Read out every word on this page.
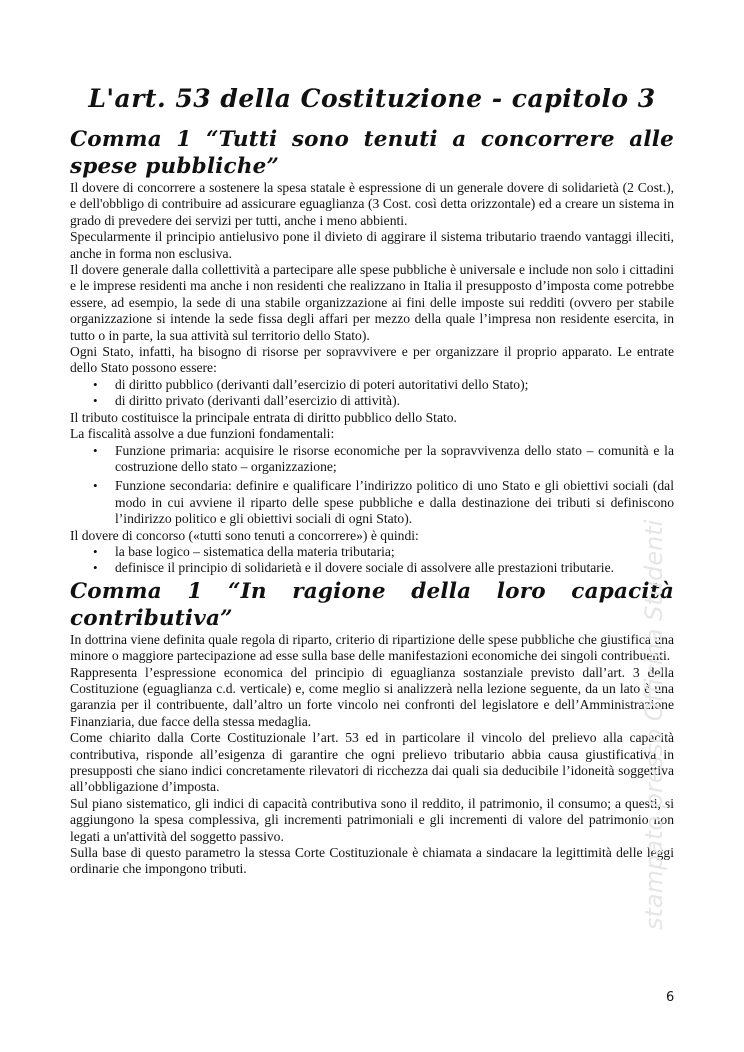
L'art. 53 della Costituzione - capitolo 3
Comma 1 “Tutti sono tenuti a concorrere alle spese pubbliche”

Il dovere di concorrere a sostenere la spesa statale è espressione di un generale dovere di solidarietà (2 Cost.), e dell'obbligo di contribuire ad assicurare eguaglianza (3 Cost. così detta orizzontale) ed a creare un sistema in grado di prevedere dei servizi per tutti, anche i meno abbienti.

Specularmente il principio antielusivo pone il divieto di aggirare il sistema tributario traendo vantaggi illeciti, anche in forma non esclusiva.

Il dovere generale dalla collettività a partecipare alle spese pubbliche è universale e include non solo i cittadini e le imprese residenti ma anche i non residenti che realizzano in Italia il presupposto d’imposta come potrebbe essere, ad esempio, la sede di una stabile organizzazione ai fini delle imposte sui redditi (ovvero per stabile organizzazione si intende la sede fissa degli affari per mezzo della quale l’impresa non residente esercita, in tutto o in parte, la sua attività sul territorio dello Stato).

Ogni Stato, infatti, ha bisogno di risorse per sopravvivere e per organizzare il proprio apparato. Le entrate dello Stato possono essere:

• di diritto pubblico (derivanti dall’esercizio di poteri autoritativi dello Stato);
• di diritto privato (derivanti dall’esercizio di attività).

Il tributo costituisce la principale entrata di diritto pubblico dello Stato.

La fiscalità assolve a due funzioni fondamentali:

• Funzione primaria: acquisire le risorse economiche per la sopravvivenza dello stato – comunità e la costruzione dello stato – organizzazione;
• Funzione secondaria: definire e qualificare l’indirizzo politico di uno Stato e gli obiettivi sociali (dal modo in cui avviene il riparto delle spese pubbliche e dalla destinazione dei tributi si definiscono l’indirizzo politico e gli obiettivi sociali di ogni Stato).

Il dovere di concorso («tutti sono tenuti a concorrere») è quindi:

• la base logico – sistematica della materia tributaria;
• definisce il principio di solidarietà e il dovere sociale di assolvere alle prestazioni tributarie.
Comma 1 “In ragione della loro capacità contributiva”

In dottrina viene definita quale regola di riparto, criterio di ripartizione delle spese pubbliche che giustifica una minore o maggiore partecipazione ad esse sulla base delle manifestazioni economiche dei singoli contribuenti.

Rappresenta l’espressione economica del principio di eguaglianza sostanziale previsto dall’art. 3 della Costituzione (eguaglianza c.d. verticale) e, come meglio si analizzerà nella lezione seguente, da un lato è una garanzia per il contribuente, dall’altro un forte vincolo nei confronti del legislatore e dell’Amministrazione Finanziaria, due facce della stessa medaglia.

Come chiarito dalla Corte Costituzionale l’art. 53 ed in particolare il vincolo del prelievo alla capacità contributiva, risponde all’esigenza di garantire che ogni prelievo tributario abbia causa giustificativa in presupposti che siano indici concretamente rilevatori di ricchezza dai quali sia deducibile l’idoneità soggettiva all’obbligazione d’imposta.

Sul piano sistematico, gli indici di capacità contributiva sono il reddito, il patrimonio, il consumo; a questi, si aggiungono la spesa complessiva, gli incrementi patrimoniali e gli incrementi di valore del patrimonio non legati a un'attività del soggetto passivo.

Sulla base di questo parametro la stessa Corte Costituzionale è chiamata a sindacare la legittimità delle leggi ordinarie che impongono tributi.	stampato presso Officina Studenti
6
